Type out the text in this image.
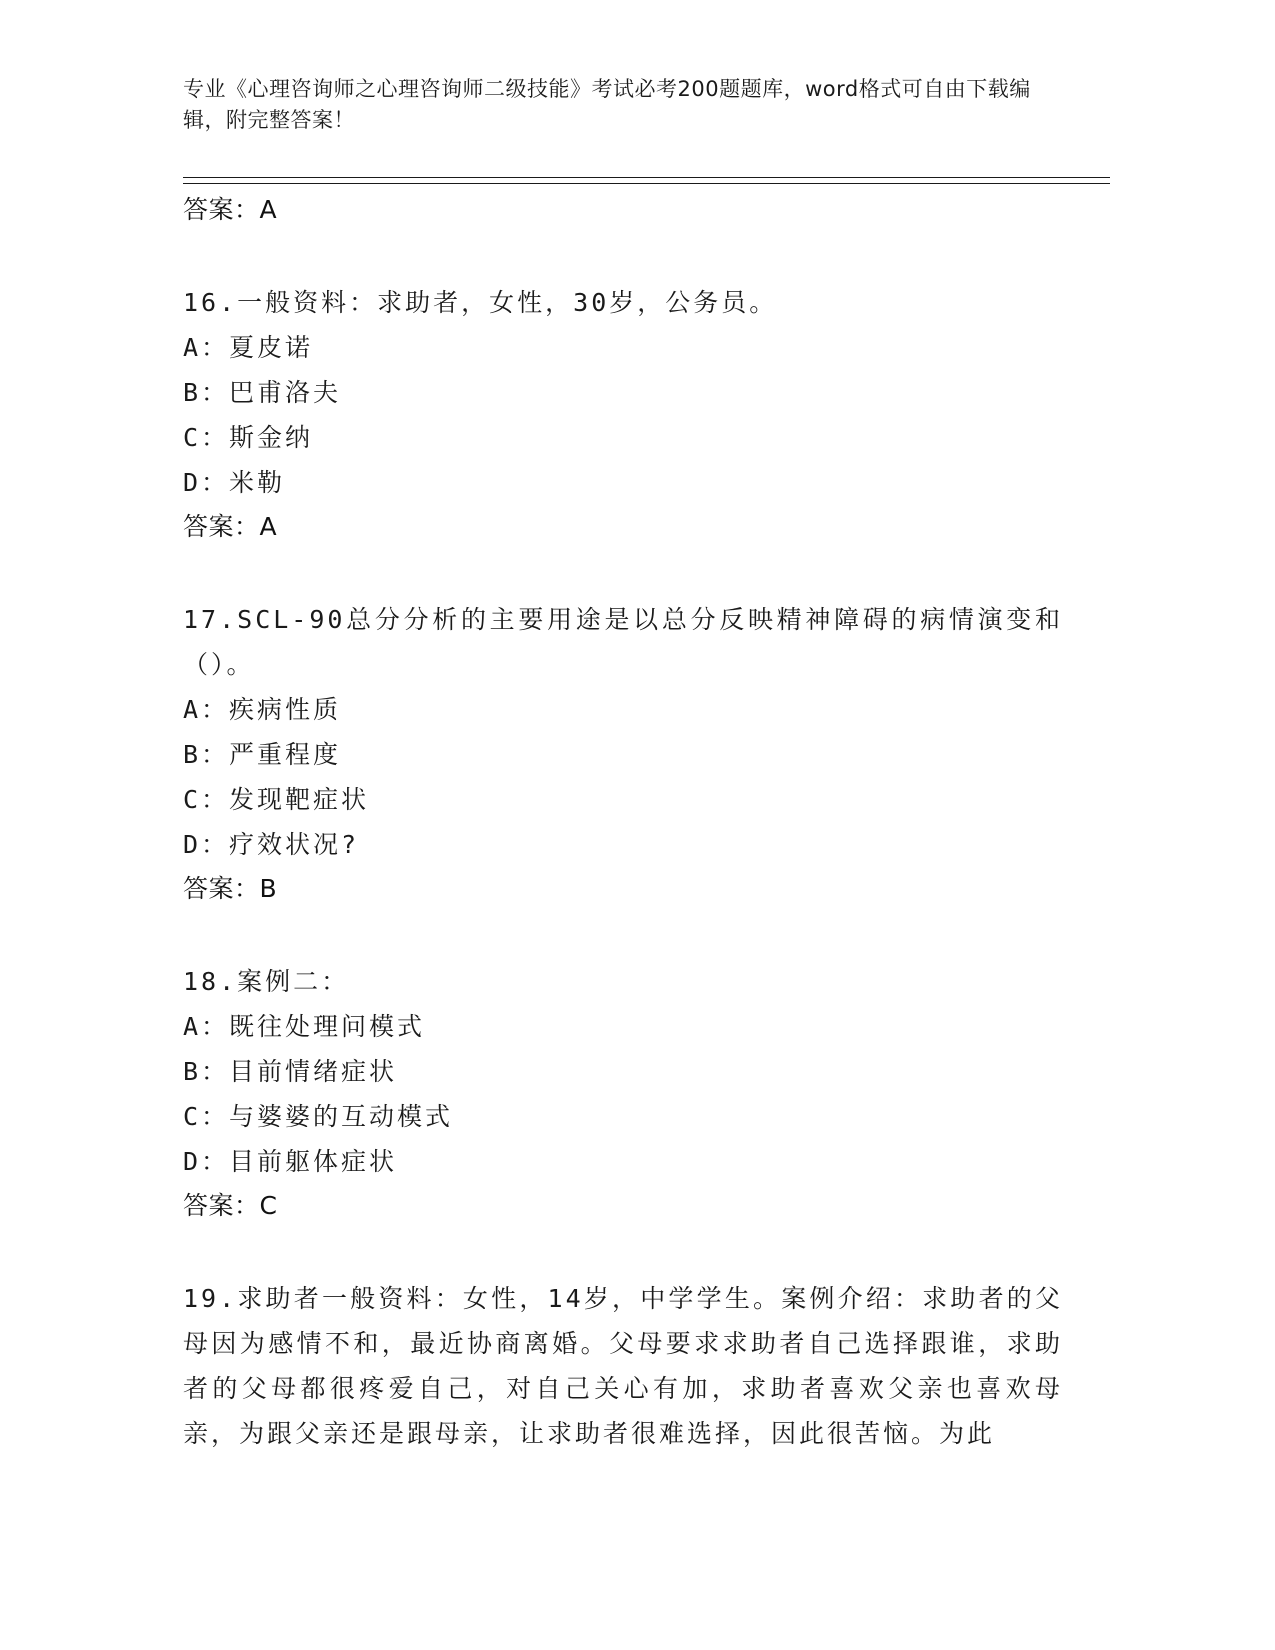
专业《心理咨询师之心理咨询师二级技能》考试必考200题题库，word格式可自由下载编辑，附完整答案！
答案：A
16.一般资料：求助者，女性，30岁，公务员。
A：夏皮诺
B：巴甫洛夫
C：斯金纳
D：米勒
答案：A
17.SCL-90总分分析的主要用途是以总分反映精神障碍的病情演变和（）。
A：疾病性质
B：严重程度
C：发现靶症状
D：疗效状况?
答案：B
18.案例二：
A：既往处理问模式
B：目前情绪症状
C：与婆婆的互动模式
D：目前躯体症状
答案：C
19.求助者一般资料：女性，14岁，中学学生。案例介绍：求助者的父母因为感情不和，最近协商离婚。父母要求求助者自己选择跟谁，求助者的父母都很疼爱自己，对自己关心有加，求助者喜欢父亲也喜欢母亲，为跟父亲还是跟母亲，让求助者很难选择，因此很苦恼。为此
